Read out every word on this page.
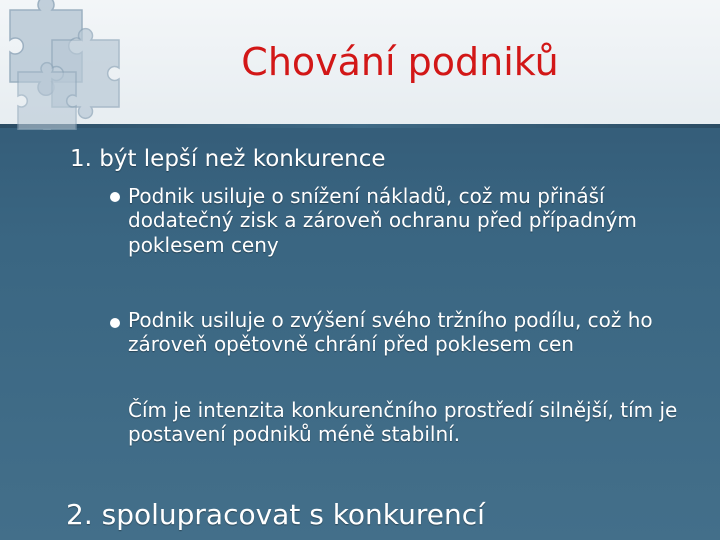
Chování podniků
1. být lepší než konkurence
Podnik usiluje o snížení nákladů, což mu přináší dodatečný zisk a zároveň ochranu před případným poklesem ceny
Podnik usiluje o zvýšení svého tržního podílu, což ho zároveň opětovně chrání před poklesem cen
Čím je intenzita konkurenčního prostředí silnější, tím je postavení podniků méně stabilní.
2. spolupracovat s konkurencí
